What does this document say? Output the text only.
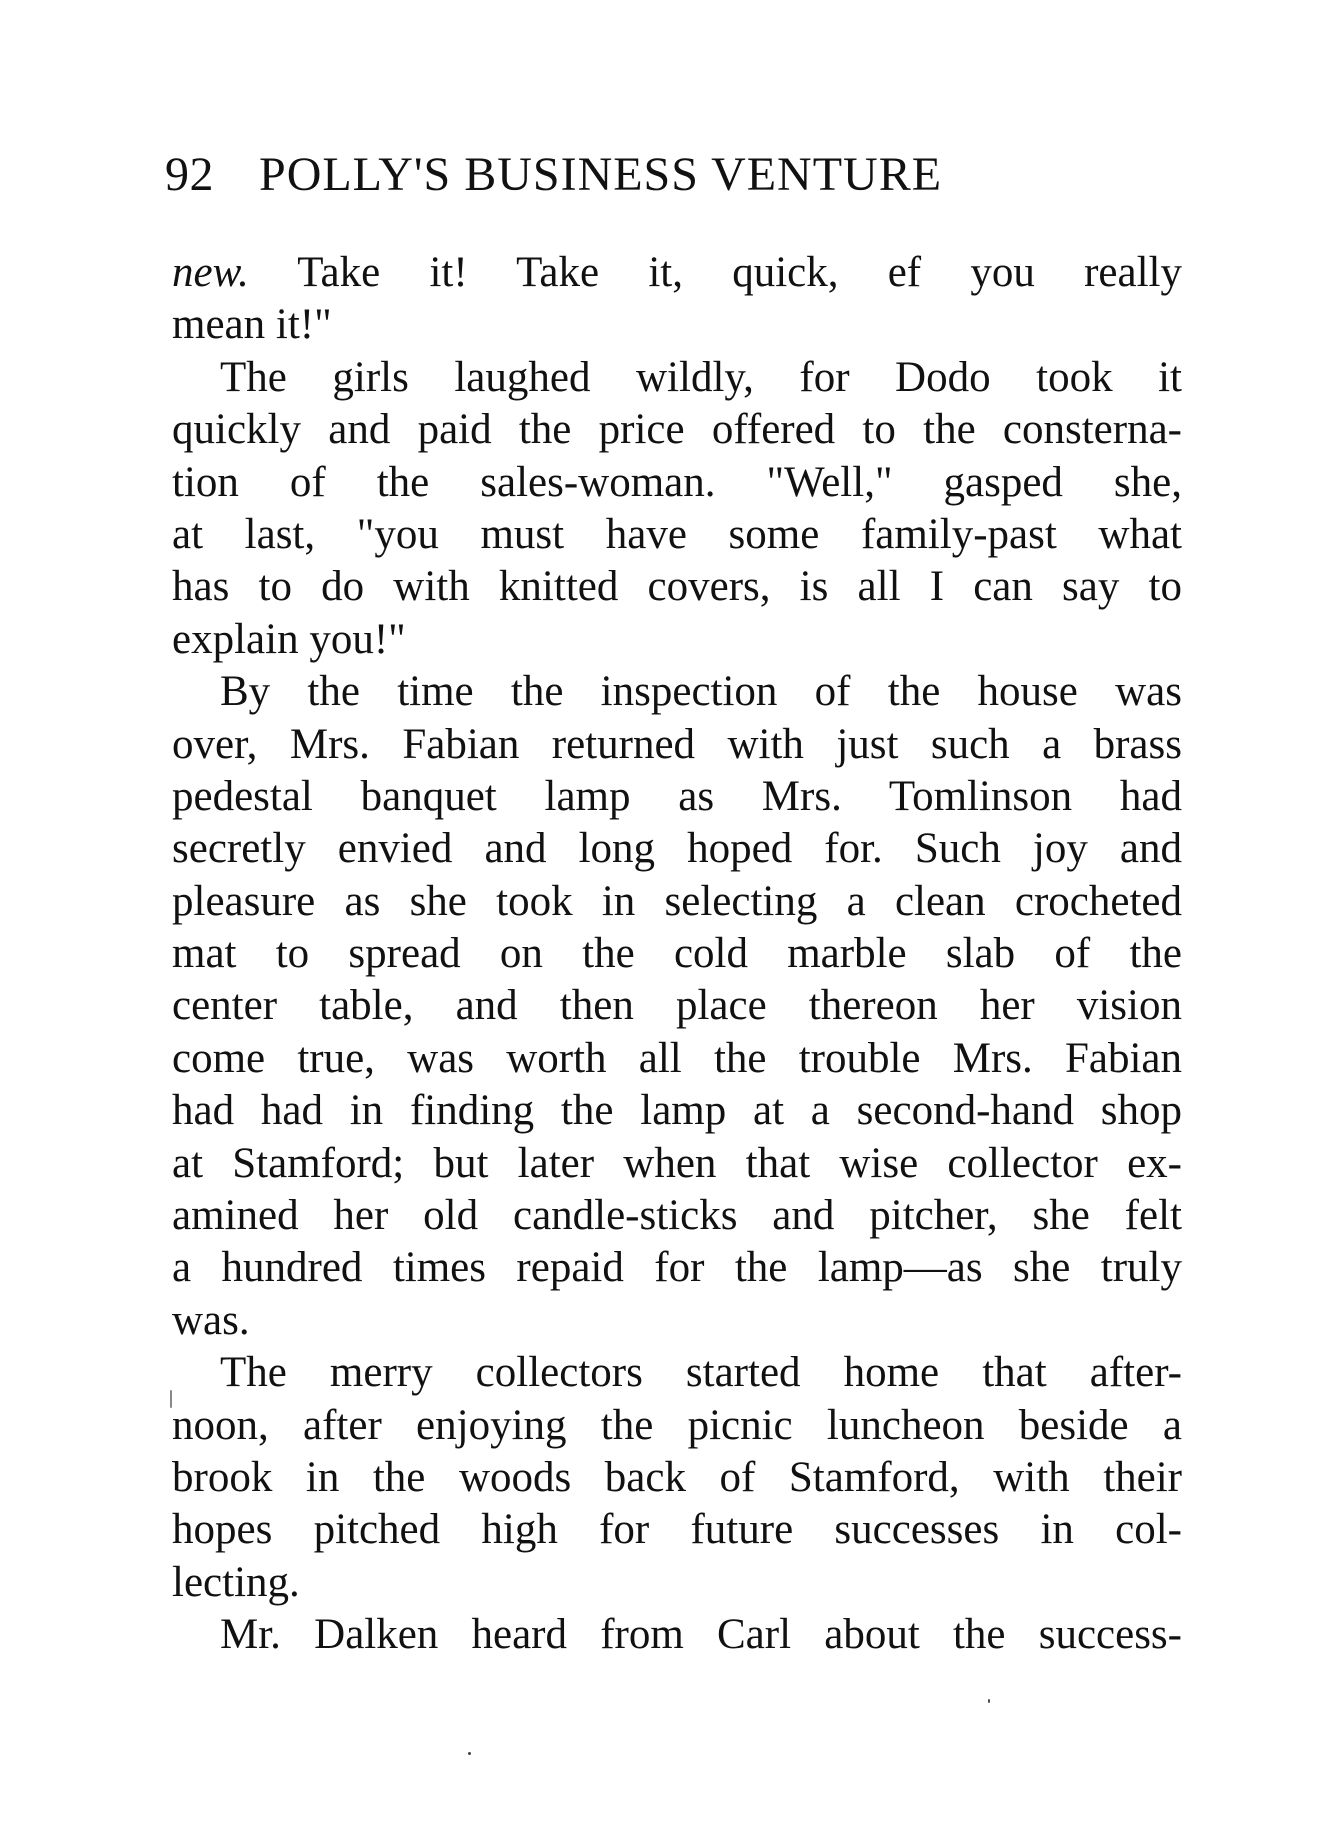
92 POLLY'S BUSINESS VENTURE
new. Take it! Take it, quick, ef you really
mean it!"
The girls laughed wildly, for Dodo took it
quickly and paid the price offered to the consterna-
tion of the sales-woman. "Well," gasped she,
at last, "you must have some family-past what
has to do with knitted covers, is all I can say to
explain you!"
By the time the inspection of the house was
over, Mrs. Fabian returned with just such a brass
pedestal banquet lamp as Mrs. Tomlinson had
secretly envied and long hoped for. Such joy and
pleasure as she took in selecting a clean crocheted
mat to spread on the cold marble slab of the
center table, and then place thereon her vision
come true, was worth all the trouble Mrs. Fabian
had had in finding the lamp at a second-hand shop
at Stamford; but later when that wise collector ex-
amined her old candle-sticks and pitcher, she felt
a hundred times repaid for the lamp—as she truly
was.
The merry collectors started home that after-
noon, after enjoying the picnic luncheon beside a
brook in the woods back of Stamford, with their
hopes pitched high for future successes in col-
lecting.
Mr. Dalken heard from Carl about the success-
